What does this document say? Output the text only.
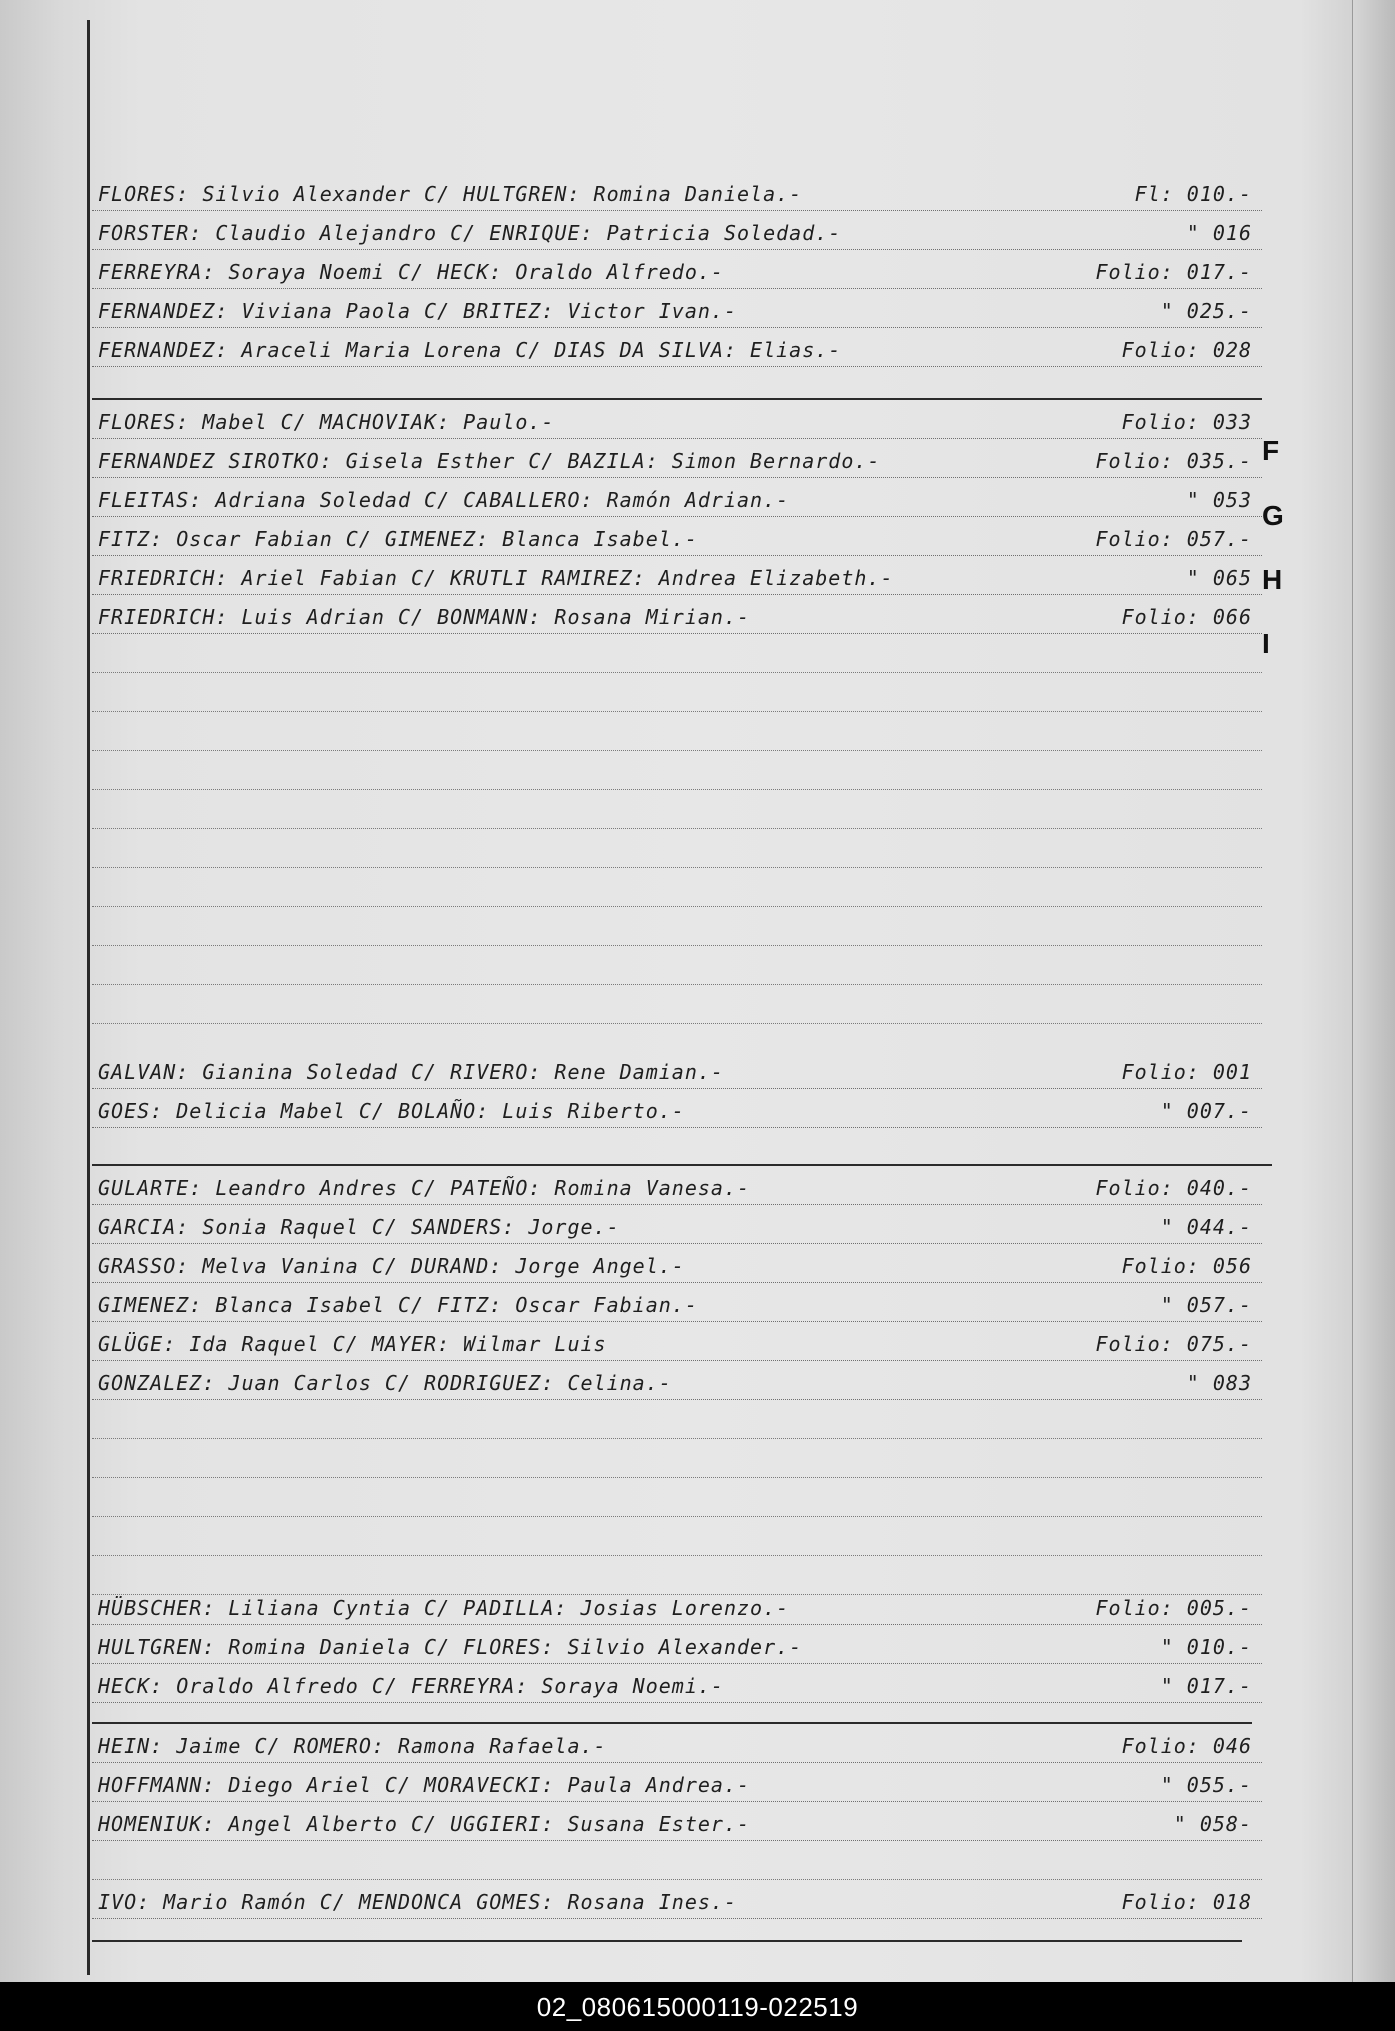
FLORES: Silvio Alexander C/ HULTGREN: Romina Daniela.-	Fl: 010.-
FORSTER: Claudio Alejandro C/ ENRIQUE: Patricia Soledad.-	" 016
FERREYRA: Soraya Noemi C/ HECK: Oraldo Alfredo.-	Folio: 017.-
FERNANDEZ: Viviana Paola C/ BRITEZ: Victor Ivan.-	" 025.-
FERNANDEZ: Araceli Maria Lorena C/ DIAS DA SILVA: Elias.-	Folio: 028
FLORES: Mabel C/ MACHOVIAK: Paulo.-	Folio: 033
FERNANDEZ SIROTKO: Gisela Esther C/ BAZILA: Simon Bernardo.-	Folio: 035.-
FLEITAS: Adriana Soledad C/ CABALLERO: Ramón Adrian.-	" 053
FITZ: Oscar Fabian C/ GIMENEZ: Blanca Isabel.-	Folio: 057.-
FRIEDRICH: Ariel Fabian C/ KRUTLI RAMIREZ: Andrea Elizabeth.-	" 065
FRIEDRICH: Luis Adrian C/ BONMANN: Rosana Mirian.-	Folio: 066
GALVAN: Gianina Soledad C/ RIVERO: Rene Damian.-	Folio: 001
GOES: Delicia Mabel C/ BOLAÑO: Luis Riberto.-	" 007.-
GULARTE: Leandro Andres C/ PATEÑO: Romina Vanesa.-	Folio: 040.-
GARCIA: Sonia Raquel C/ SANDERS: Jorge.-	" 044.-
GRASSO: Melva Vanina C/ DURAND: Jorge Angel.-	Folio: 056
GIMENEZ: Blanca Isabel C/ FITZ: Oscar Fabian.-	" 057.-
GLÜGE: Ida Raquel C/ MAYER: Wilmar Luis	Folio: 075.-
GONZALEZ: Juan Carlos C/ RODRIGUEZ: Celina.-	" 083
HÜBSCHER: Liliana Cyntia C/ PADILLA: Josias Lorenzo.-	Folio: 005.-
HULTGREN: Romina Daniela C/ FLORES: Silvio Alexander.-	" 010.-
HECK: Oraldo Alfredo C/ FERREYRA: Soraya Noemi.-	" 017.-
HEIN: Jaime C/ ROMERO: Ramona Rafaela.-	Folio: 046
HOFFMANN: Diego Ariel C/ MORAVECKI: Paula Andrea.-	" 055.-
HOMENIUK: Angel Alberto C/ UGGIERI: Susana Ester.-	" 058-
IVO: Mario Ramón C/ MENDONCA GOMES: Rosana Ines.-	Folio: 018
F
G
H
I
02_080615000119-022519
